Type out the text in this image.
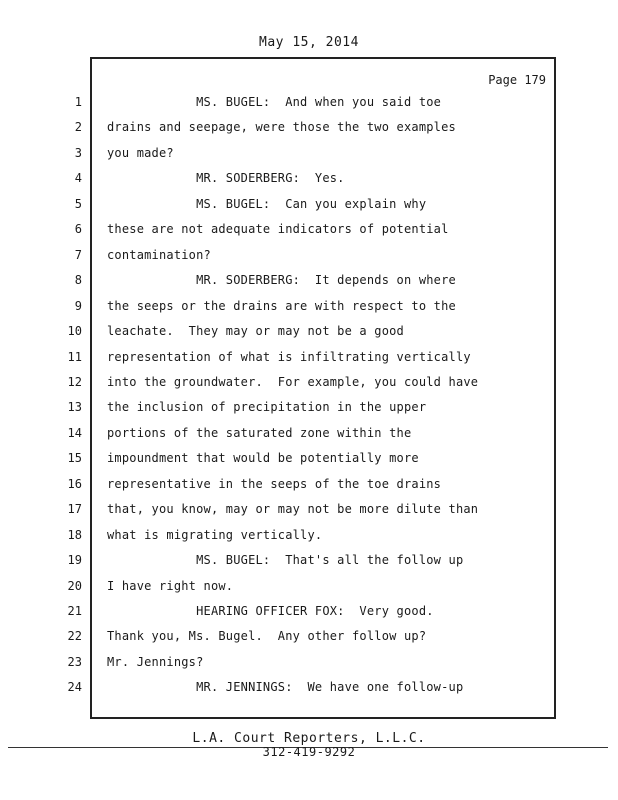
May 15, 2014
Page 179
1 MS. BUGEL:  And when you said toe
2 drains and seepage, were those the two examples
3 you made?
4 MR. SODERBERG:  Yes.
5 MS. BUGEL:  Can you explain why
6 these are not adequate indicators of potential
7 contamination?
8 MR. SODERBERG:  It depends on where
9 the seeps or the drains are with respect to the
10 leachate.  They may or may not be a good
11 representation of what is infiltrating vertically
12 into the groundwater.  For example, you could have
13 the inclusion of precipitation in the upper
14 portions of the saturated zone within the
15 impoundment that would be potentially more
16 representative in the seeps of the toe drains
17 that, you know, may or may not be more dilute than
18 what is migrating vertically.
19 MS. BUGEL:  That's all the follow up
20 I have right now.
21 HEARING OFFICER FOX:  Very good.
22 Thank you, Ms. Bugel.  Any other follow up?
23 Mr. Jennings?
24 MR. JENNINGS:  We have one follow-up
L.A. Court Reporters, L.L.C.
312-419-9292
